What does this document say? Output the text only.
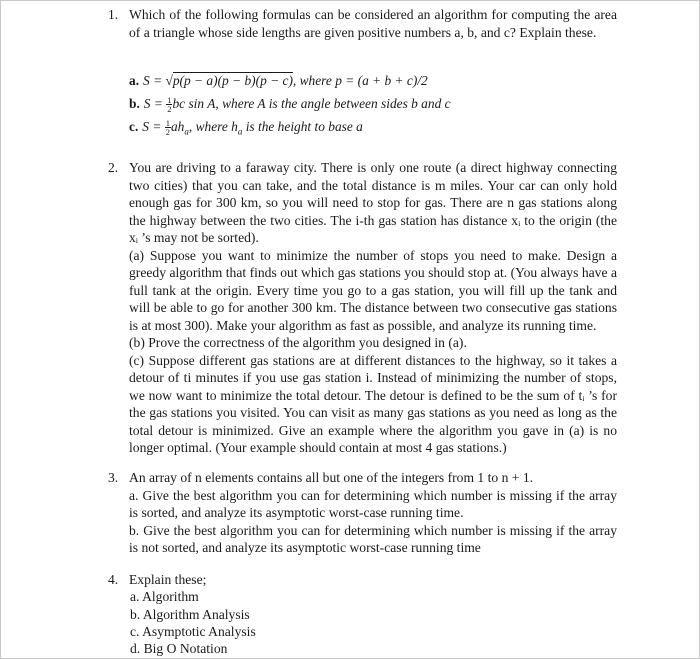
1. Which of the following formulas can be considered an algorithm for computing the area of a triangle whose side lengths are given positive numbers a, b, and c? Explain these.

a. S = √p(p − a)(p − b)(p − c), where p = (a + b + c)/2
b. $S = \frac{1}{2}$ bc sin A, where A is the angle between sides b and c
c. $S = \frac{1}{2} ah_a$, where $h_a$ is the height to base a
2. You are driving to a faraway city. There is only one route (a direct highway connecting two cities) that you can take, and the total distance is m miles. Your car can only hold enough gas for 300 km, so you will need to stop for gas. There are n gas stations along the highway between the two cities. The i-th gas station has distance xᵢ to the origin (the xᵢ ’s may not be sorted).

(a) Suppose you want to minimize the number of stops you need to make. Design a greedy algorithm that finds out which gas stations you should stop at. (You always have a full tank at the origin. Every time you go to a gas station, you will fill up the tank and will be able to go for another 300 km. The distance between two consecutive gas stations is at most 300). Make your algorithm as fast as possible, and analyze its running time.

(b) Prove the correctness of the algorithm you designed in (a).

(c) Suppose different gas stations are at different distances to the highway, so it takes a detour of ti minutes if you use gas station i. Instead of minimizing the number of stops, we now want to minimize the total detour. The detour is defined to be the sum of tᵢ ’s for the gas stations you visited. You can visit as many gas stations as you need as long as the total detour is minimized. Give an example where the algorithm you gave in (a) is no longer optimal. (Your example should contain at most 4 gas stations.)

3. An array of n elements contains all but one of the integers from 1 to n + 1.

a. Give the best algorithm you can for determining which number is missing if the array is sorted, and analyze its asymptotic worst-case running time.

b. Give the best algorithm you can for determining which number is missing if the array is not sorted, and analyze its asymptotic worst-case running time

4. Explain these;
a. Algorithm
b. Algorithm Analysis
c. Asymptotic Analysis
d. Big O Notation
